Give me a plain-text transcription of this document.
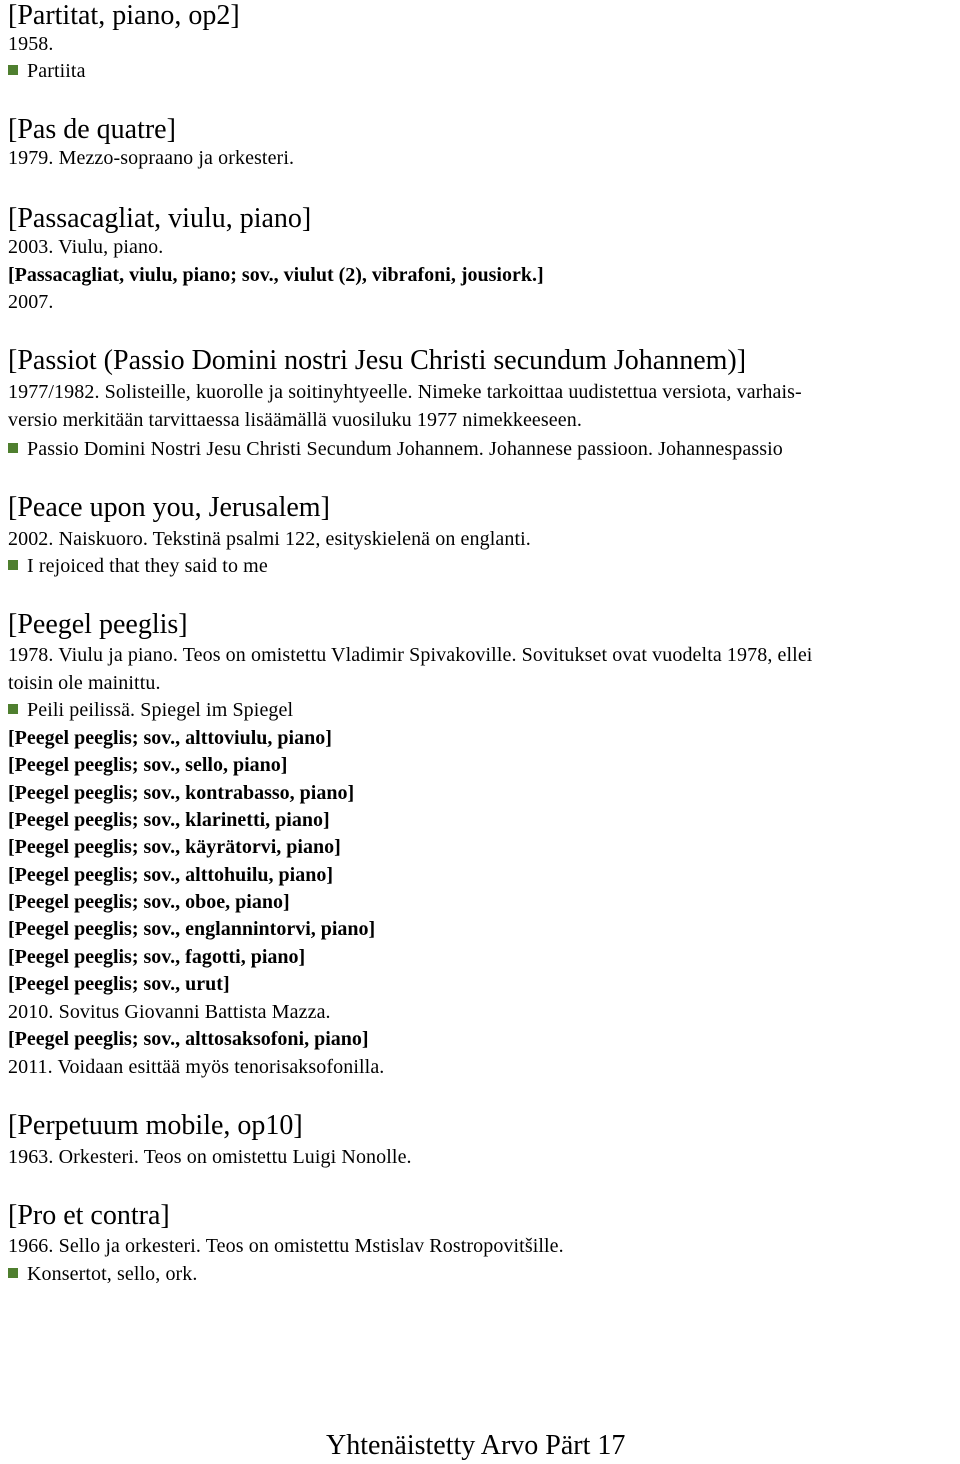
[Partitat, piano, op2]
1958.
Partiita
[Pas de quatre]
1979. Mezzo-sopraano ja orkesteri.
[Passacagliat, viulu, piano]
2003. Viulu, piano.
[Passacagliat, viulu, piano; sov., viulut (2), vibrafoni, jousiork.]
2007.
[Passiot (Passio Domini nostri Jesu Christi secundum Johannem)]
1977/1982. Solisteille, kuorolle ja soitinyhtyeelle. Nimeke tarkoittaa uudistettua versiota, varhais-
versio merkitään tarvittaessa lisäämällä vuosiluku 1977 nimekkeeseen.
Passio Domini Nostri Jesu Christi Secundum Johannem. Johannese passioon. Johannespassio
[Peace upon you, Jerusalem]
2002. Naiskuoro. Tekstinä psalmi 122, esityskielenä on englanti.
I rejoiced that they said to me
[Peegel peeglis]
1978. Viulu ja piano. Teos on omistettu Vladimir Spivakoville. Sovitukset ovat vuodelta 1978, ellei
toisin ole mainittu.
Peili peilissä. Spiegel im Spiegel
[Peegel peeglis; sov., alttoviulu, piano]
[Peegel peeglis; sov., sello, piano]
[Peegel peeglis; sov., kontrabasso, piano]
[Peegel peeglis; sov., klarinetti, piano]
[Peegel peeglis; sov., käyrätorvi, piano]
[Peegel peeglis; sov., alttohuilu, piano]
[Peegel peeglis; sov., oboe, piano]
[Peegel peeglis; sov., englannintorvi, piano]
[Peegel peeglis; sov., fagotti, piano]
[Peegel peeglis; sov., urut]
2010. Sovitus Giovanni Battista Mazza.
[Peegel peeglis; sov., alttosaksofoni, piano]
2011. Voidaan esittää myös tenorisaksofonilla.
[Perpetuum mobile, op10]
1963. Orkesteri. Teos on omistettu Luigi Nonolle.
[Pro et contra]
1966. Sello ja orkesteri. Teos on omistettu Mstislav Rostropovitšille.
Konsertot, sello, ork.
Yhtenäistetty Arvo Pärt 17
